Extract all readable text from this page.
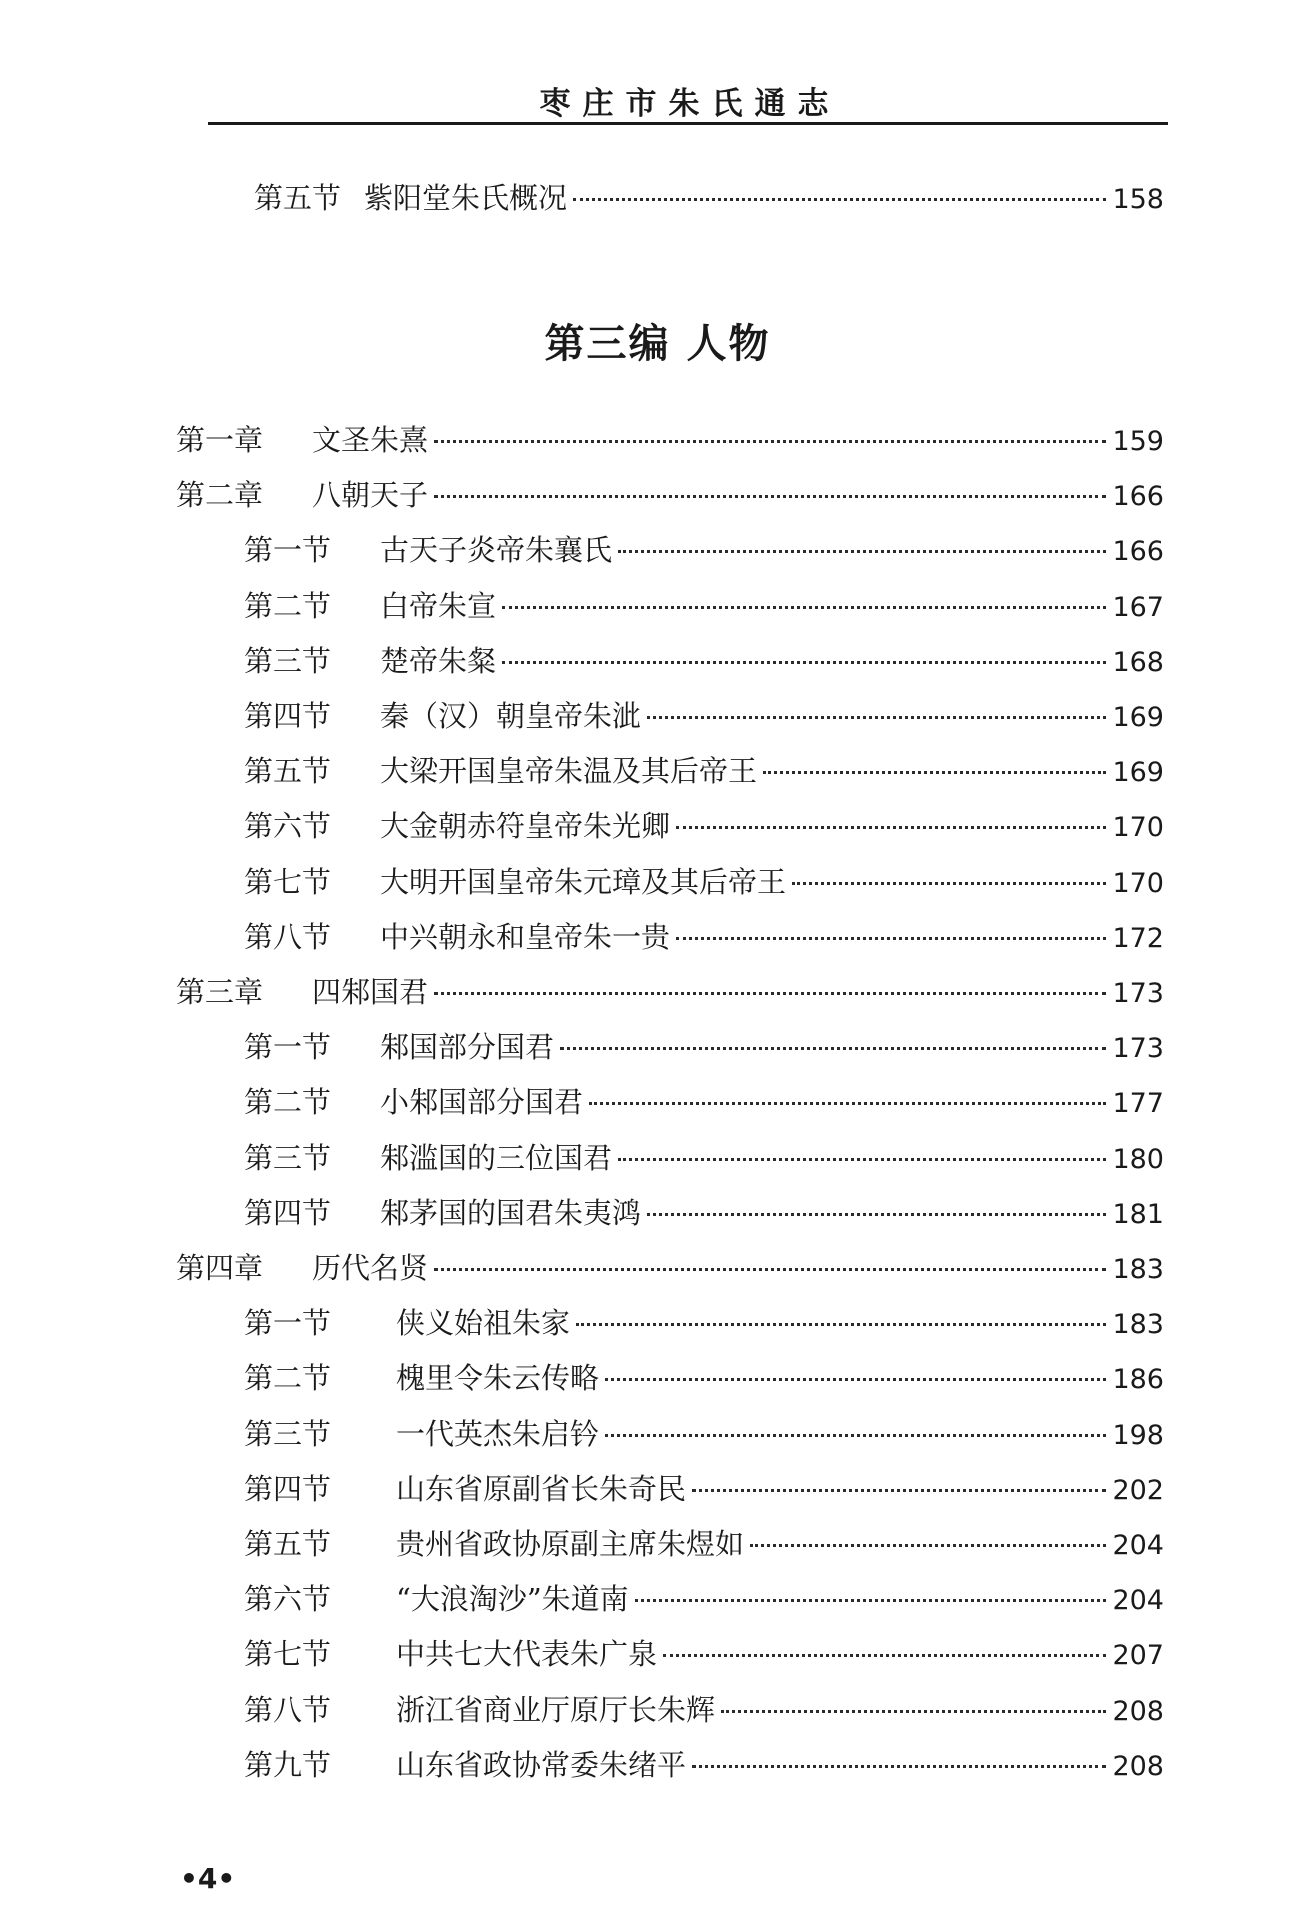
枣庄市朱氏通志
第五节 紫阳堂朱氏概况	158
第三编 人物
第一章	文圣朱熹	159
第二章	八朝天子	166
第一节	古天子炎帝朱襄氏	166
第二节	白帝朱宣	167
第三节	楚帝朱粲	168
第四节	秦（汉）朝皇帝朱泚	169
第五节	大梁开国皇帝朱温及其后帝王	169
第六节	大金朝赤符皇帝朱光卿	170
第七节	大明开国皇帝朱元璋及其后帝王	170
第八节	中兴朝永和皇帝朱一贵	172
第三章	四邾国君	173
第一节	邾国部分国君	173
第二节	小邾国部分国君	177
第三节	邾滥国的三位国君	180
第四节	邾茅国的国君朱夷鸿	181
第四章	历代名贤	183
第一节	侠义始祖朱家	183
第二节	槐里令朱云传略	186
第三节	一代英杰朱启钤	198
第四节	山东省原副省长朱奇民	202
第五节	贵州省政协原副主席朱煜如	204
第六节	“大浪淘沙”朱道南	204
第七节	中共七大代表朱广泉	207
第八节	浙江省商业厅原厅长朱辉	208
第九节	山东省政协常委朱绪平	208
•4•
